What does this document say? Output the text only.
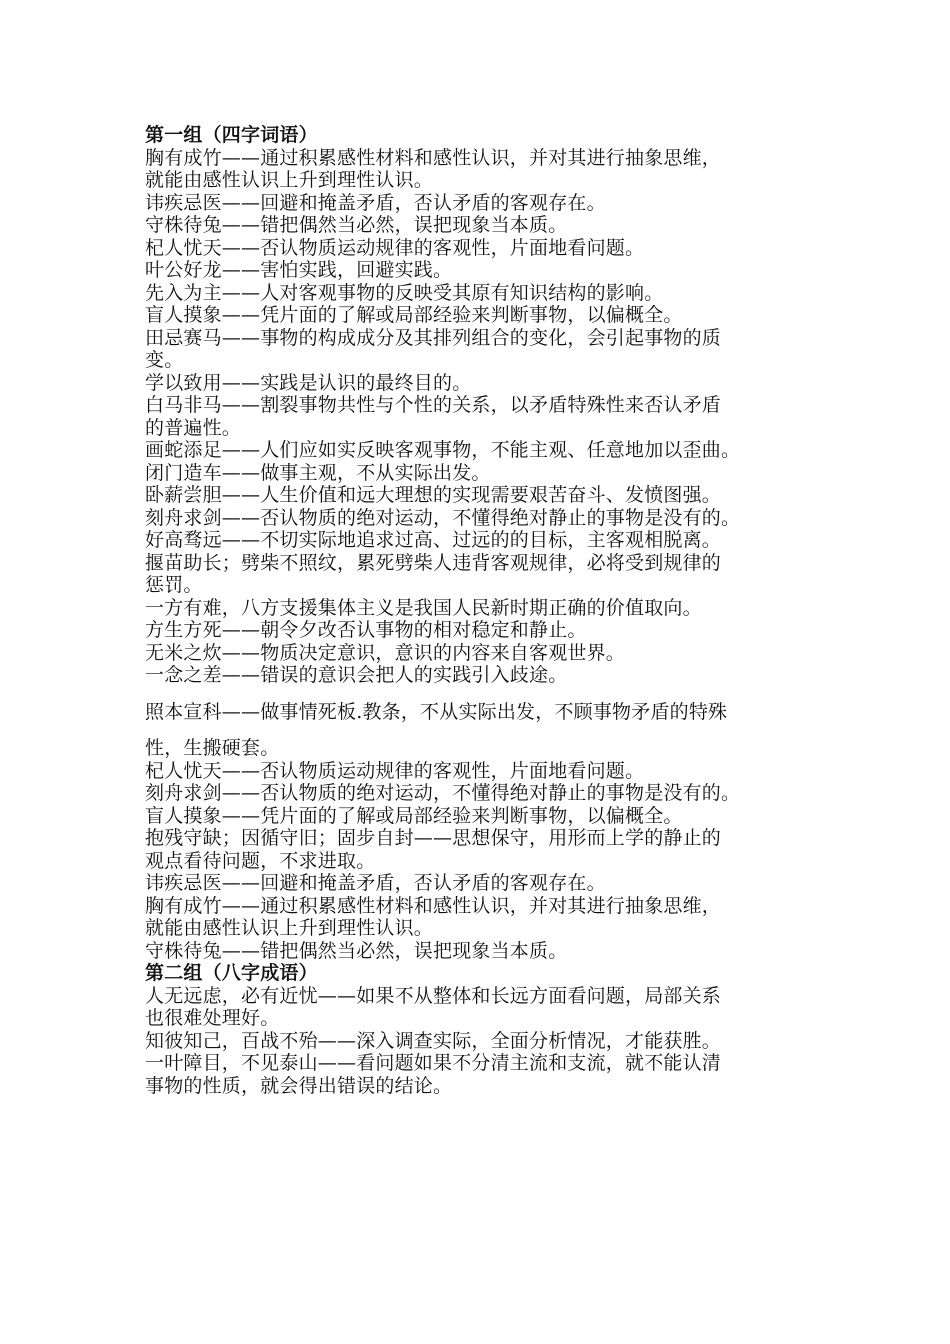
第一组（四字词语）
胸有成竹——通过积累感性材料和感性认识，并对其进行抽象思维，
就能由感性认识上升到理性认识。
讳疾忌医——回避和掩盖矛盾，否认矛盾的客观存在。
守株待兔——错把偶然当必然，误把现象当本质。
杞人忧天——否认物质运动规律的客观性，片面地看问题。
叶公好龙——害怕实践，回避实践。
先入为主——人对客观事物的反映受其原有知识结构的影响。
盲人摸象——凭片面的了解或局部经验来判断事物，以偏概全。
田忌赛马——事物的构成成分及其排列组合的变化，会引起事物的质
变。
学以致用——实践是认识的最终目的。
白马非马——割裂事物共性与个性的关系，以矛盾特殊性来否认矛盾
的普遍性。
画蛇添足——人们应如实反映客观事物，不能主观、任意地加以歪曲。
闭门造车——做事主观，不从实际出发。
卧薪尝胆——人生价值和远大理想的实现需要艰苦奋斗、发愤图强。
刻舟求剑——否认物质的绝对运动，不懂得绝对静止的事物是没有的。
好高骛远——不切实际地追求过高、过远的的目标，主客观相脱离。
揠苗助长；劈柴不照纹，累死劈柴人违背客观规律，必将受到规律的
惩罚。
一方有难，八方支援集体主义是我国人民新时期正确的价值取向。
方生方死——朝令夕改否认事物的相对稳定和静止。
无米之炊——物质决定意识，意识的内容来自客观世界。
一念之差——错误的意识会把人的实践引入歧途。
照本宣科——做事情死板.教条，不从实际出发，不顾事物矛盾的特殊
性，生搬硬套。
杞人忧天——否认物质运动规律的客观性，片面地看问题。
刻舟求剑——否认物质的绝对运动，不懂得绝对静止的事物是没有的。
盲人摸象——凭片面的了解或局部经验来判断事物，以偏概全。
抱残守缺；因循守旧；固步自封——思想保守，用形而上学的静止的
观点看待问题，不求进取。
讳疾忌医——回避和掩盖矛盾，否认矛盾的客观存在。
胸有成竹——通过积累感性材料和感性认识，并对其进行抽象思维，
就能由感性认识上升到理性认识。
守株待兔——错把偶然当必然，误把现象当本质。
第二组（八字成语）
人无远虑，必有近忧——如果不从整体和长远方面看问题，局部关系
也很难处理好。
知彼知己，百战不殆——深入调查实际，全面分析情况，才能获胜。
一叶障目，不见泰山——看问题如果不分清主流和支流，就不能认清
事物的性质，就会得出错误的结论。
